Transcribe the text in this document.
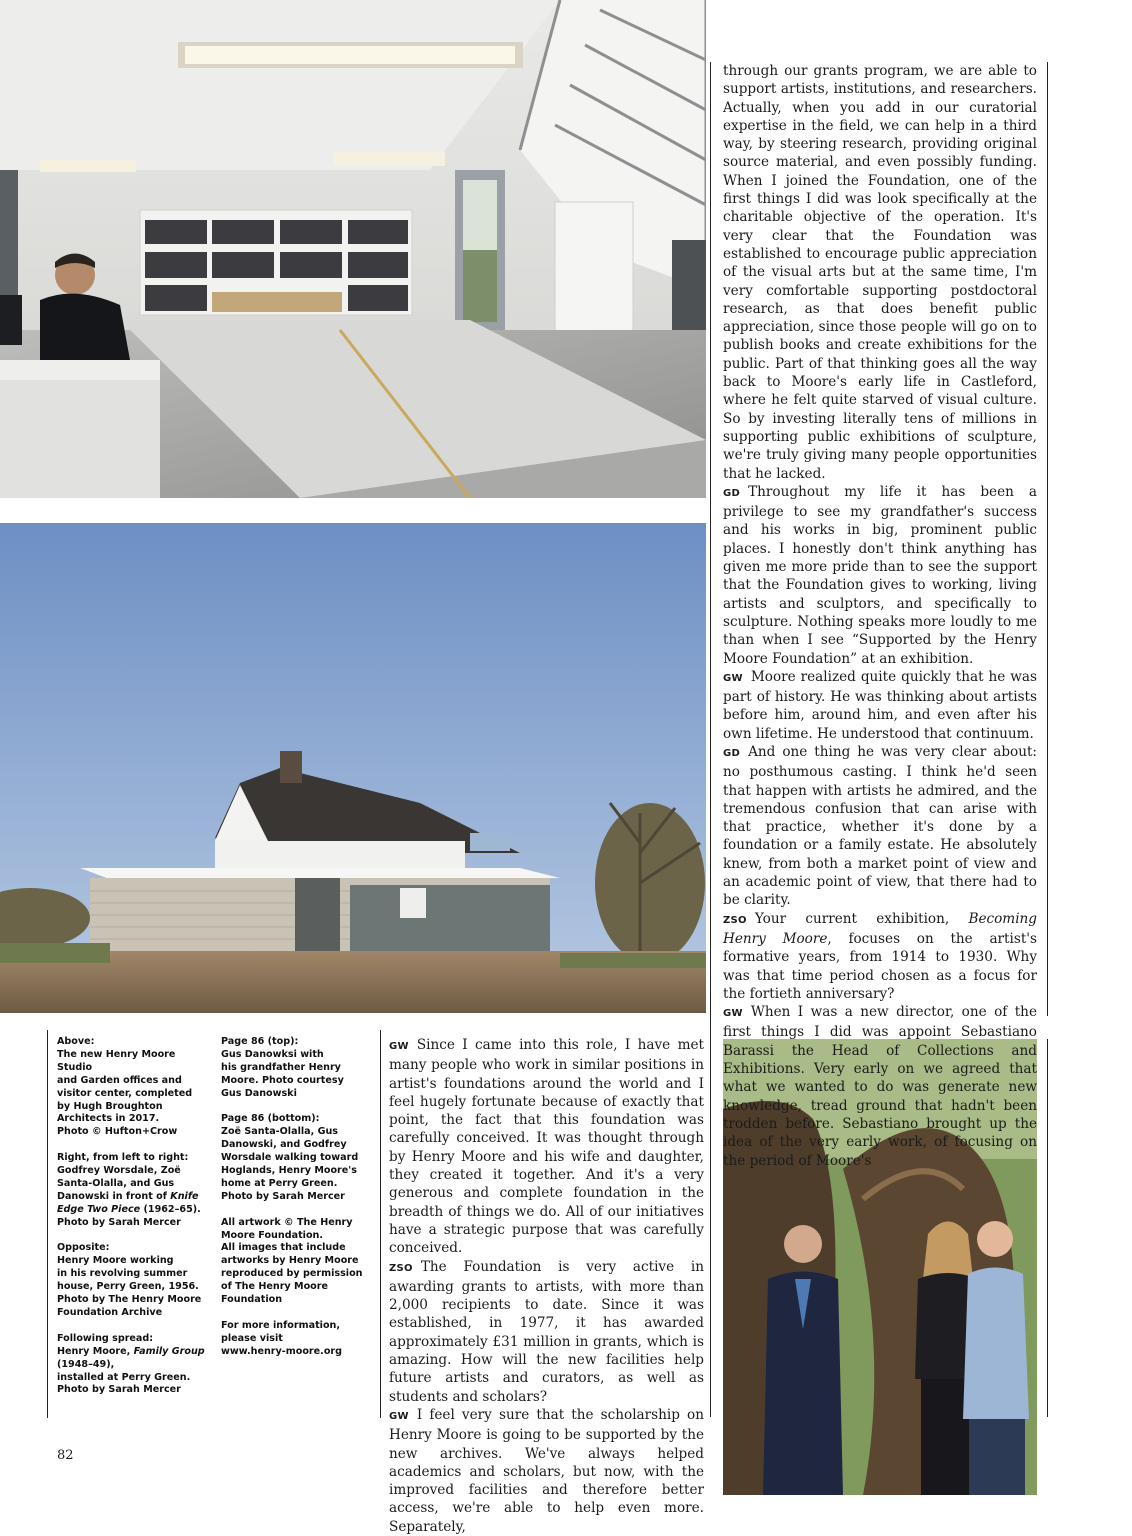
through our grants program, we are able to support artists, institutions, and researchers. Actually, when you add in our curatorial expertise in the field, we can help in a third way, by steering research, providing original source material, and even possibly funding. When I joined the Foundation, one of the first things I did was look specifically at the charitable objective of the operation. It's very clear that the Foundation was established to encourage public appreciation of the visual arts but at the same time, I'm very comfortable supporting postdoctoral research, as that does benefit public appreciation, since those people will go on to publish books and create exhibitions for the public. Part of that thinking goes all the way back to Moore's early life in Castleford, where he felt quite starved of visual culture. So by investing literally tens of millions in supporting public exhibitions of sculpture, we're truly giving many people opportunities that he lacked.

GD Throughout my life it has been a privilege to see my grandfather's success and his works in big, prominent public places. I honestly don't think anything has given me more pride than to see the support that the Foundation gives to working, living artists and sculptors, and specifically to sculpture. Nothing speaks more loudly to me than when I see “Supported by the Henry Moore Foundation” at an exhibition.

GW Moore realized quite quickly that he was part of history. He was thinking about artists before him, around him, and even after his own lifetime. He understood that continuum.

GD And one thing he was very clear about: no posthumous casting. I think he'd seen that happen with artists he admired, and the tremendous confusion that can arise with that practice, whether it's done by a foundation or a family estate. He absolutely knew, from both a market point of view and an academic point of view, that there had to be clarity.

ZSO Your current exhibition, Becoming Henry Moore, focuses on the artist's formative years, from 1914 to 1930. Why was that time period chosen as a focus for the fortieth anniversary?

GW When I was a new director, one of the first things I did was appoint Sebastiano Barassi the Head of Collections and Exhibitions. Very early on we agreed that what we wanted to do was generate new knowledge, tread ground that hadn't been trodden before. Sebastiano brought up the idea of the very early work, of focusing on the period of Moore's

GW Since I came into this role, I have met many people who work in similar positions in artist's foundations around the world and I feel hugely fortunate because of exactly that point, the fact that this foundation was carefully conceived. It was thought through by Henry Moore and his wife and daughter, they created it together. And it's a very generous and complete foundation in the breadth of things we do. All of our initiatives have a strategic purpose that was carefully conceived.

ZSO The Foundation is very active in awarding grants to artists, with more than 2,000 recipients to date. Since it was established, in 1977, it has awarded approximately £31 million in grants, which is amazing. How will the new facilities help future artists and curators, as well as students and scholars?

GW I feel very sure that the scholarship on Henry Moore is going to be supported by the new archives. We've always helped academics and scholars, but now, with the improved facilities and therefore better access, we're able to help even more. Separately,

Above:
The new Henry Moore Studio
and Garden offices and
visitor center, completed
by Hugh Broughton
Architects in 2017.
Photo © Hufton+Crow

Right, from left to right:
Godfrey Worsdale, Zoë
Santa-Olalla, and Gus
Danowski in front of Knife Edge Two Piece (1962–65).
Photo by Sarah Mercer

Opposite:
Henry Moore working
in his revolving summer
house, Perry Green, 1956.
Photo by The Henry Moore
Foundation Archive

Following spread:
Henry Moore, Family Group (1948–49),
installed at Perry Green.
Photo by Sarah Mercer

Page 86 (top):
Gus Danowksi with
his grandfather Henry
Moore. Photo courtesy
Gus Danowski

Page 86 (bottom):
Zoë Santa-Olalla, Gus
Danowski, and Godfrey
Worsdale walking toward
Hoglands, Henry Moore's
home at Perry Green.
Photo by Sarah Mercer

All artwork © The Henry
Moore Foundation.
All images that include
artworks by Henry Moore
reproduced by permission
of The Henry Moore
Foundation

For more information,
please visit
www.henry-moore.org

82
